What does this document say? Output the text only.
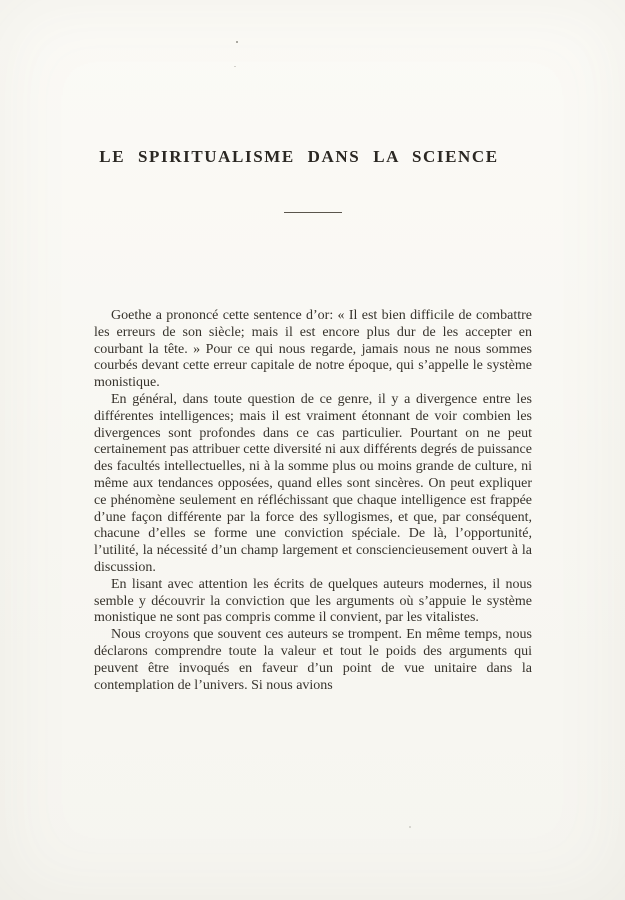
LE SPIRITUALISME DANS LA SCIENCE

Goethe a prononcé cette sentence d’or: « Il est bien difficile de combattre les erreurs de son siècle; mais il est encore plus dur de les accepter en courbant la tête. » Pour ce qui nous regarde, jamais nous ne nous sommes courbés devant cette erreur capitale de notre époque, qui s’appelle le système monistique.

En général, dans toute question de ce genre, il y a divergence entre les différentes intelligences; mais il est vraiment étonnant de voir combien les divergences sont profondes dans ce cas particulier. Pourtant on ne peut certainement pas attribuer cette diversité ni aux différents degrés de puissance des facultés intellectuelles, ni à la somme plus ou moins grande de culture, ni même aux tendances opposées, quand elles sont sincères. On peut expliquer ce phénomène seulement en réfléchissant que chaque intelligence est frappée d’une façon différente par la force des syllogismes, et que, par conséquent, chacune d’elles se forme une conviction spéciale. De là, l’opportunité, l’utilité, la nécessité d’un champ largement et consciencieusement ouvert à la discussion.

En lisant avec attention les écrits de quelques auteurs modernes, il nous semble y découvrir la conviction que les arguments où s’appuie le système monistique ne sont pas compris comme il convient, par les vitalistes.

Nous croyons que souvent ces auteurs se trompent. En même temps, nous déclarons comprendre toute la valeur et tout le poids des arguments qui peuvent être invoqués en faveur d’un point de vue unitaire dans la contemplation de l’univers. Si nous avions
